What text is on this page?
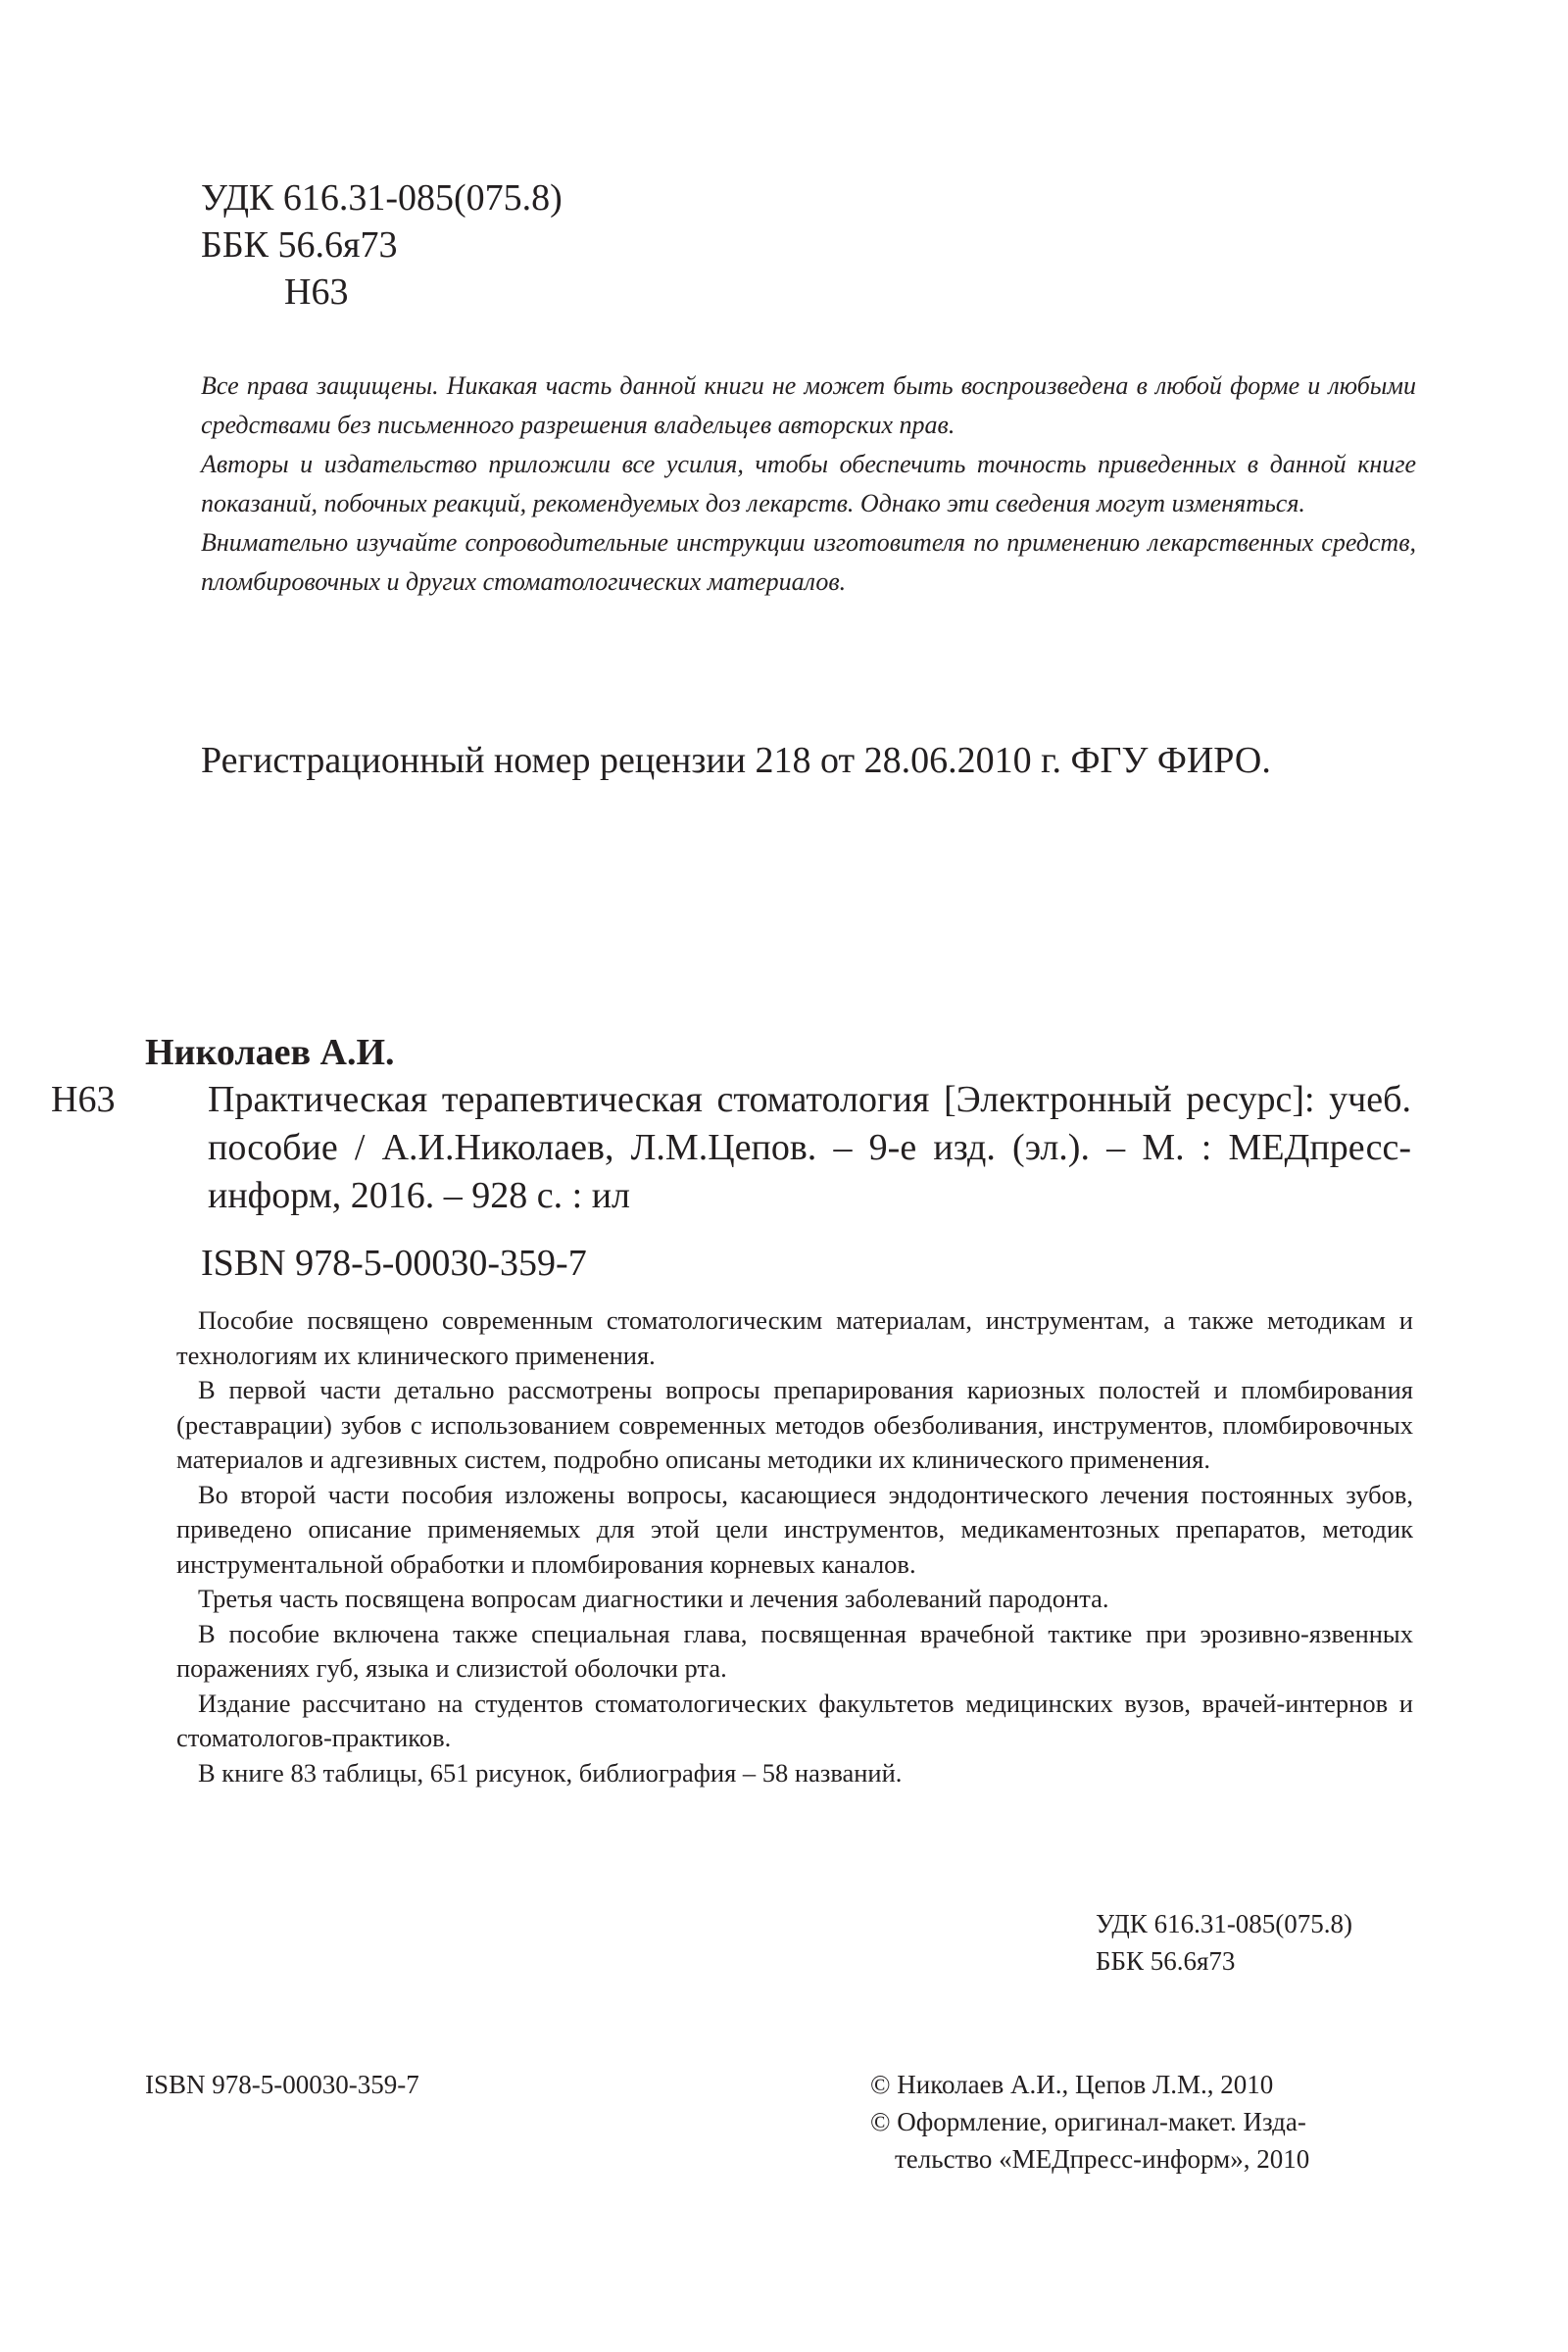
УДК 616.31-085(075.8)
ББК 56.6я73
Н63

Все права защищены. Никакая часть данной книги не может быть воспроизведена в любой форме и любыми средствами без письменного разрешения владельцев авторских прав.

Авторы и издательство приложили все усилия, чтобы обеспечить точность приведенных в данной книге показаний, побочных реакций, рекомендуемых доз лекарств. Однако эти сведения могут изменяться.

Внимательно изучайте сопроводительные инструкции изготовителя по применению лекарственных средств, пломбировочных и других стоматологических материалов.

Регистрационный номер рецензии 218 от 28.06.2010 г. ФГУ ФИРО.
Николаев А.И.
Н63 Практическая терапевтическая стоматология [Электронный ресурс]: учеб. пособие / А.И.Николаев, Л.М.Цепов. – 9-е изд. (эл.). – М. : МЕДпресс-информ, 2016. – 928 с. : ил

ISBN 978-5-00030-359-7

Пособие посвящено современным стоматологическим материалам, инструментам, а также методикам и технологиям их клинического применения.

В первой части детально рассмотрены вопросы препарирования кариозных полостей и пломбирования (реставрации) зубов с использованием современных методов обезболивания, инструментов, пломбировочных материалов и адгезивных систем, подробно описаны методики их клинического применения.

Во второй части пособия изложены вопросы, касающиеся эндодонтического лечения постоянных зубов, приведено описание применяемых для этой цели инструментов, медикаментозных препаратов, методик инструментальной обработки и пломбирования корневых каналов.

Третья часть посвящена вопросам диагностики и лечения заболеваний пародонта.

В пособие включена также специальная глава, посвященная врачебной тактике при эрозивно-язвенных поражениях губ, языка и слизистой оболочки рта.

Издание рассчитано на студентов стоматологических факультетов медицинских вузов, врачей-интернов и стоматологов-практиков.

В книге 83 таблицы, 651 рисунок, библиография – 58 названий.

УДК 616.31-085(075.8)
ББК 56.6я73
ISBN 978-5-00030-359-7	© Николаев А.И., Цепов Л.М., 2010

© Оформление, оригинал-макет. Изда-

тельство «МЕДпресс-информ», 2010
